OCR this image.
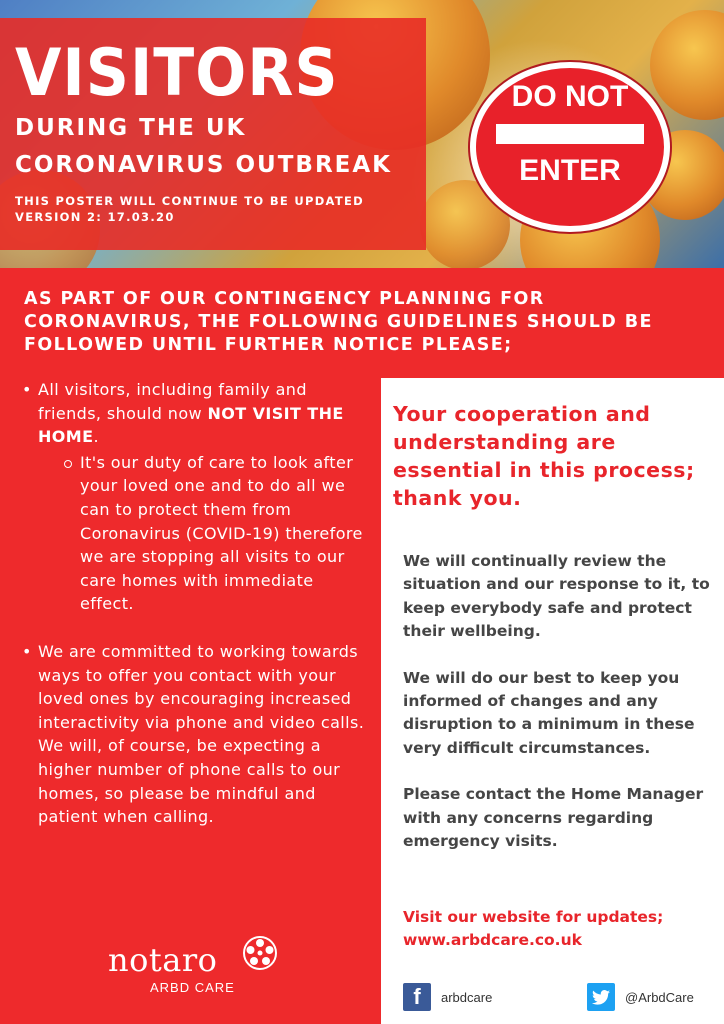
VISITORS
DURING THE UK
CORONAVIRUS OUTBREAK
THIS POSTER WILL CONTINUE TO BE UPDATED
VERSION 2: 17.03.20
DO NOT
ENTER
AS PART OF OUR CONTINGENCY PLANNING FOR CORONAVIRUS, THE FOLLOWING GUIDELINES SHOULD BE FOLLOWED UNTIL FURTHER NOTICE PLEASE;
• All visitors, including family and friends, should now NOT VISIT THE HOME.
It's our duty of care to look after your loved one and to do all we can to protect them from Coronavirus (COVID-19) therefore we are stopping all visits to our care homes with immediate effect.
• We are committed to working towards ways to offer you contact with your loved ones by encouraging increased interactivity via phone and video calls.
We will, of course, be expecting a higher number of phone calls to our homes, so please be mindful and patient when calling.
notaro
ARBD CARE
Your cooperation and understanding are essential in this process; thank you.

We will continually review the situation and our response to it, to keep everybody safe and protect their wellbeing.

We will do our best to keep you informed of changes and any disruption to a minimum in these very difficult circumstances.

Please contact the Home Manager with any concerns regarding emergency visits.

Visit our website for updates;
www.arbdcare.co.uk
f	arbdcare	@ArbdCare
